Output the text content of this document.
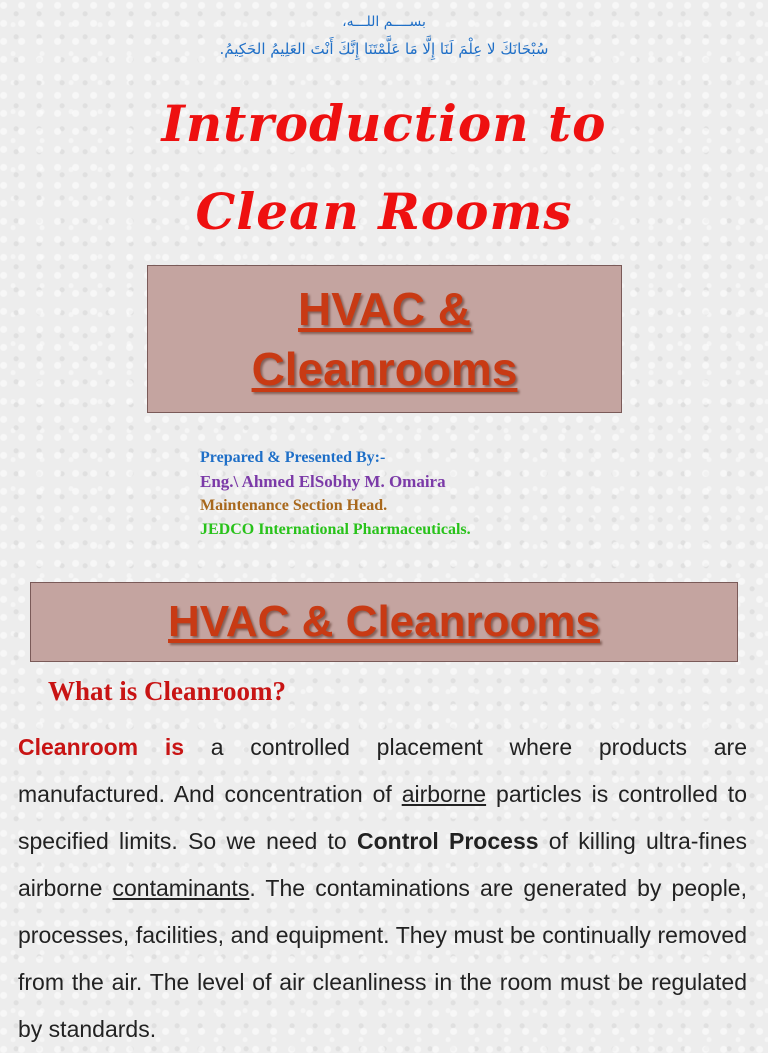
بســــم اللـــه،
سُبْحَانَكَ لا عِلْمَ لَنَا إِلَّا مَا عَلَّمْتَنَا إِنَّكَ أَنْتَ العَلِيمُ الحَكِيمُ.
Introduction to
Clean Rooms
HVAC &
Cleanrooms
Prepared & Presented By:-
Eng.\ Ahmed ElSobhy M. Omaira
Maintenance Section Head.
JEDCO International Pharmaceuticals.
HVAC & Cleanrooms
What is Cleanroom?
Cleanroom is a controlled placement where products are manufactured. And concentration of airborne particles is controlled to specified limits. So we need to Control Process of killing ultra-fines airborne contaminants. The contaminations are generated by people, processes, facilities, and equipment. They must be continually removed from the air. The level of air cleanliness in the room must be regulated by standards.
